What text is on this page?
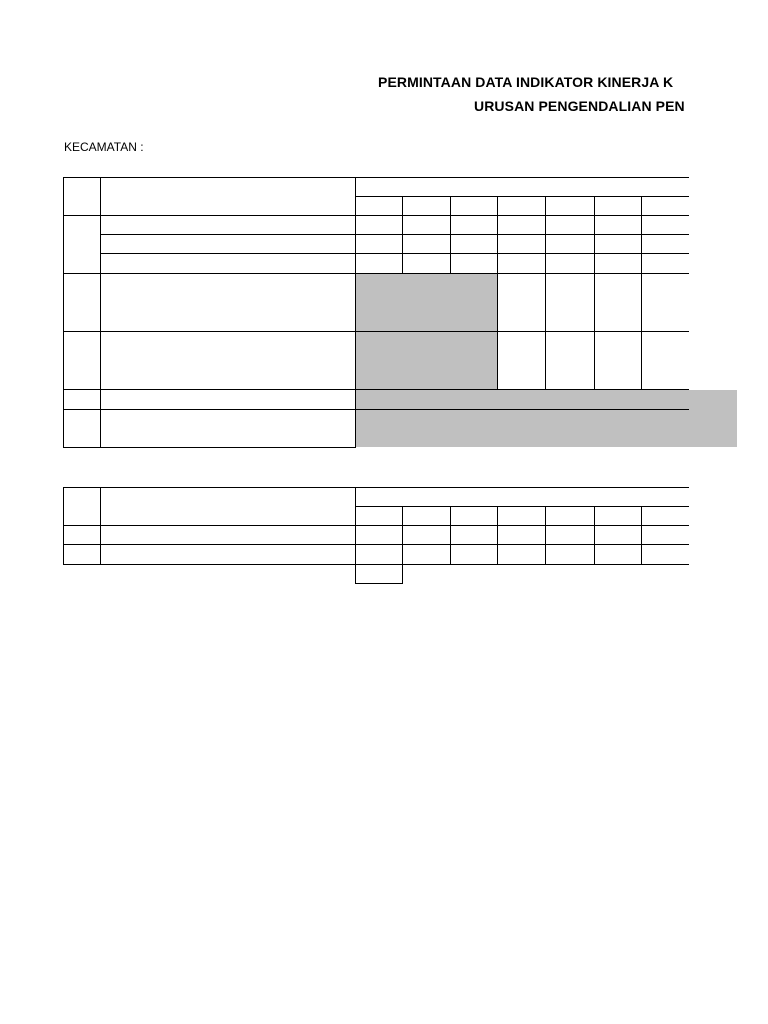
PERMINTAAN DATA INDIKATOR KINERJA K
URUSAN PENGENDALIAN PEN
KECAMATAN :
